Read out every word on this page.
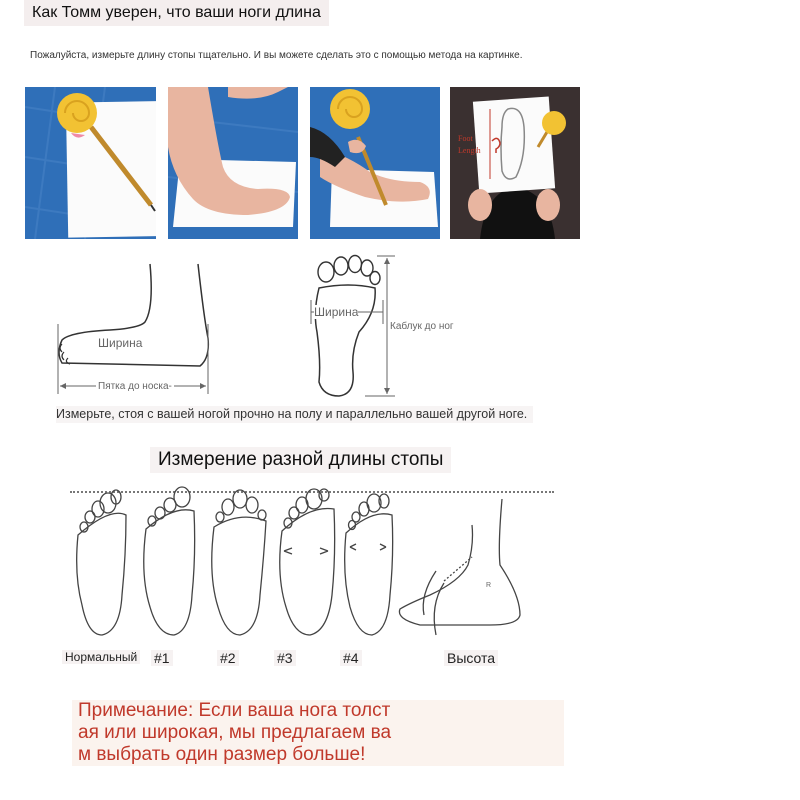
Как Томм уверен, что ваши ноги длина
Пожалуйста, измерьте длину стопы тщательно. И вы можете сделать это с помощью метода на картинке.
Foot
Length
Ширина
Пятка до носка-
Ширина
Каблук до ног
Измерьте, стоя с вашей ногой прочно на полу и параллельно вашей другой ноге.
Измерение разной длины стопы
R
Нормальный #1	#2	#3	#4	Высота
Примечание: Если ваша нога толст
ая или широкая, мы предлагаем ва
м выбрать один размер больше!
